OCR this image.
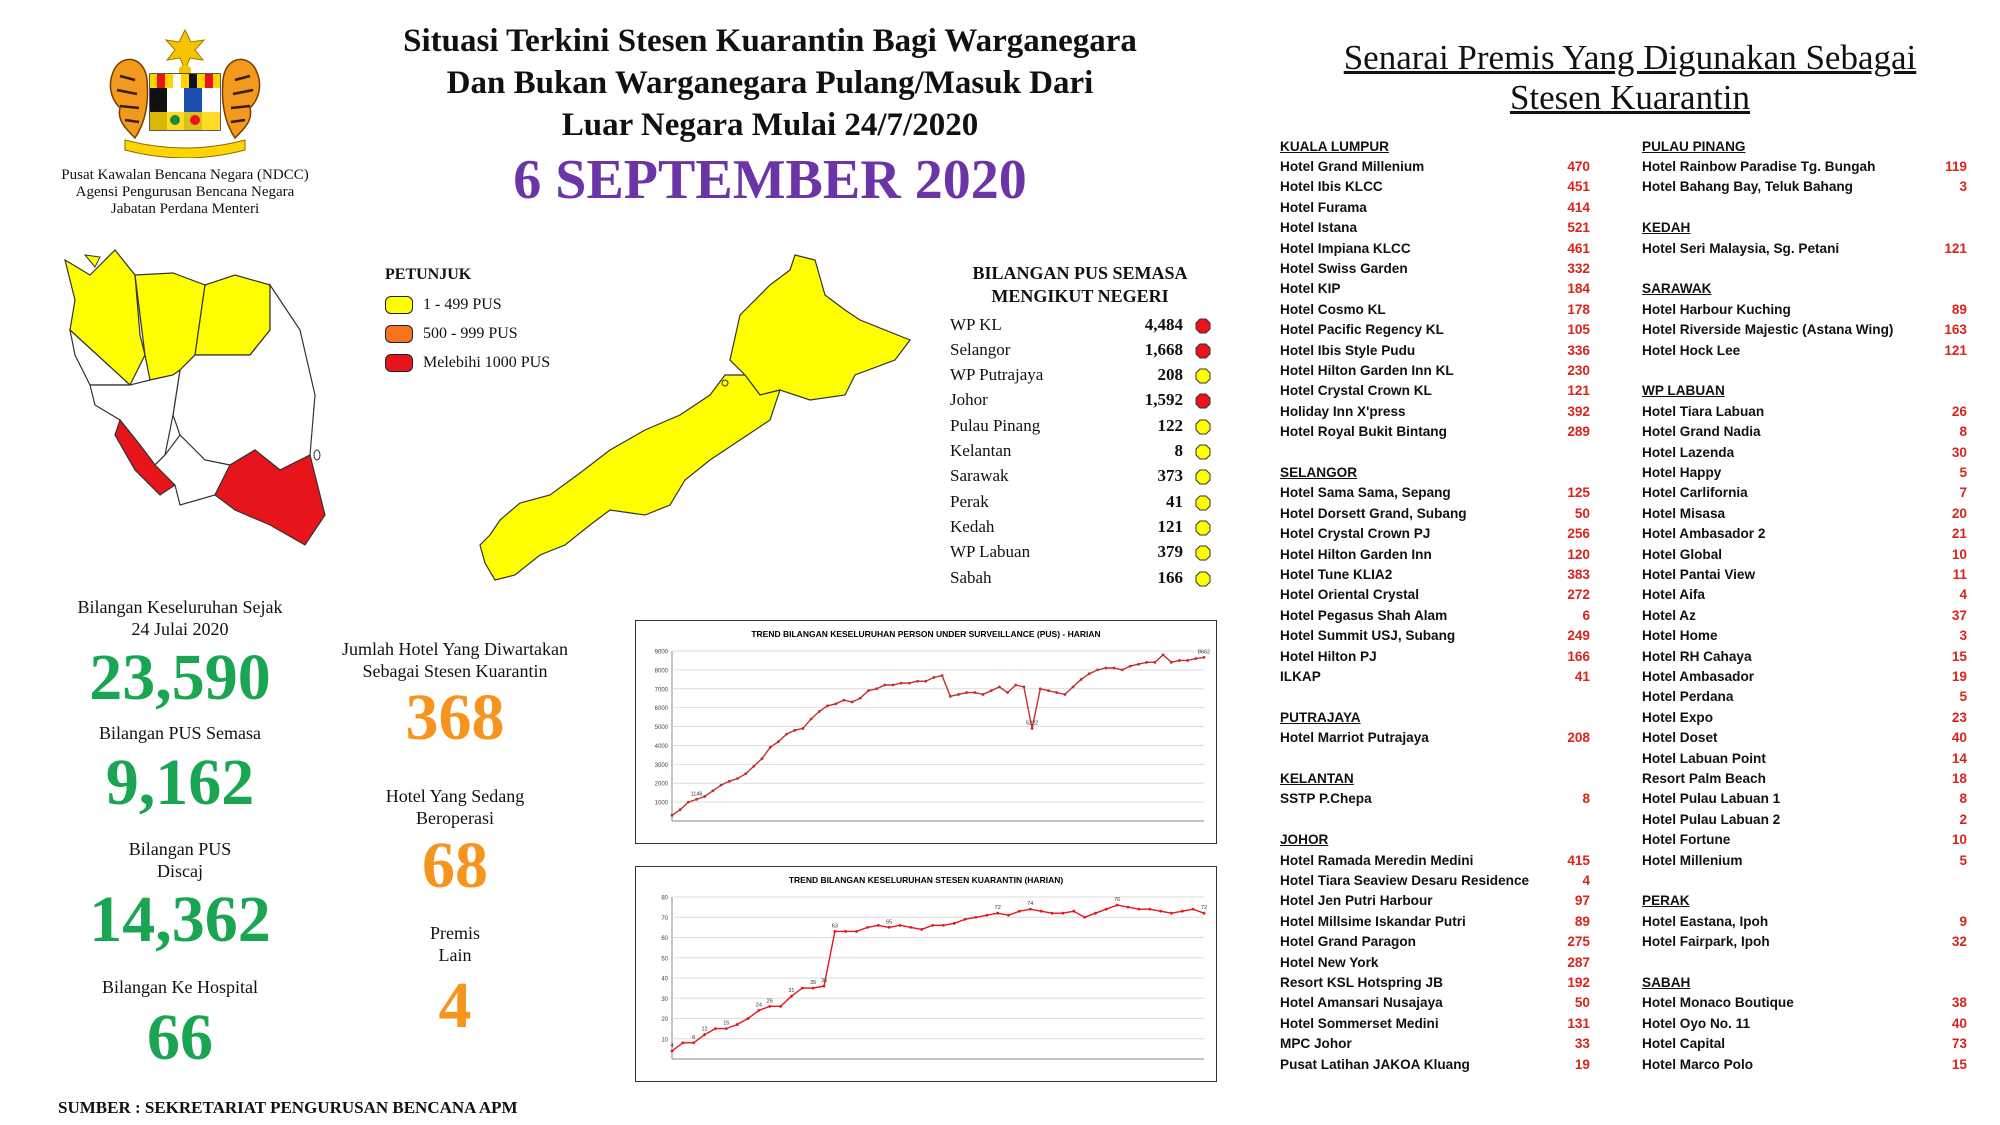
Pusat Kawalan Bencana Negara (NDCC)
Agensi Pengurusan Bencana Negara
Jabatan Perdana Menteri
Situasi Terkini Stesen Kuarantin Bagi Warganegara
Dan Bukan Warganegara Pulang/Masuk Dari
Luar Negara Mulai 24/7/2020
6 SEPTEMBER 2020
PETUNJUK
1 - 499 PUS
500 - 999 PUS
Melebihi 1000 PUS
BILANGAN PUS SEMASA
MENGIKUT NEGERI
WP KL	4,484
Selangor	1,668
WP Putrajaya	208
Johor	1,592
Pulau Pinang	122
Kelantan	8
Sarawak	373
Perak	41
Kedah	121
WP Labuan	379
Sabah	166
Bilangan Keseluruhan Sejak
24 Julai 2020
23,590
Bilangan PUS Semasa
9,162
Bilangan PUS
Discaj
14,362
Bilangan Ke Hospital
66
Jumlah Hotel Yang Diwartakan
Sebagai Stesen Kuarantin
368
Hotel Yang Sedang
Beroperasi
68
Premis
Lain
4
TREND BILANGAN KESELURUHAN PERSON UNDER SURVEILLANCE (PUS) - HARIAN
1000
2000
3000
4000
5000
6000
7000
8000
9000
1146
5222
8662
TREND BILANGAN KESELURUHAN STESEN KUARANTIN (HARIAN)
10
20
30
40
50
60
70
80
4
8
12
15
24
26
31
35 36
63
65
72
74
76
72
Senarai Premis Yang Digunakan Sebagai
Stesen Kuarantin
KUALA LUMPUR
Hotel Grand Millenium	470
Hotel Ibis KLCC	451
Hotel Furama	414
Hotel Istana	521
Hotel Impiana KLCC	461
Hotel Swiss Garden	332
Hotel KIP	184
Hotel Cosmo KL	178
Hotel Pacific Regency KL	105
Hotel Ibis Style Pudu	336
Hotel Hilton Garden Inn KL	230
Hotel Crystal Crown KL	121
Holiday Inn X'press	392
Hotel Royal Bukit Bintang	289
SELANGOR
Hotel Sama Sama, Sepang	125
Hotel Dorsett Grand, Subang	50
Hotel Crystal Crown PJ	256
Hotel Hilton Garden Inn	120
Hotel Tune KLIA2	383
Hotel Oriental Crystal	272
Hotel Pegasus Shah Alam	6
Hotel Summit USJ, Subang	249
Hotel Hilton PJ	166
ILKAP	41
PUTRAJAYA
Hotel Marriot Putrajaya	208
KELANTAN
SSTP P.Chepa	8
JOHOR
Hotel Ramada Meredin Medini	415
Hotel Tiara Seaview Desaru Residence	4
Hotel Jen Putri Harbour	97
Hotel Millsime Iskandar Putri	89
Hotel Grand Paragon	275
Hotel New York	287
Resort KSL Hotspring JB	192
Hotel Amansari Nusajaya	50
Hotel Sommerset Medini	131
MPC Johor	33
Pusat Latihan JAKOA Kluang	19
PULAU PINANG
Hotel Rainbow Paradise Tg. Bungah	119
Hotel Bahang Bay, Teluk Bahang	3
KEDAH
Hotel Seri Malaysia, Sg. Petani	121
SARAWAK
Hotel Harbour Kuching	89
Hotel Riverside Majestic (Astana Wing)	163
Hotel Hock Lee	121
WP LABUAN
Hotel Tiara Labuan	26
Hotel Grand Nadia	8
Hotel Lazenda	30
Hotel Happy	5
Hotel Carlifornia	7
Hotel Misasa	20
Hotel Ambasador 2	21
Hotel Global	10
Hotel Pantai View	11
Hotel Aifa	4
Hotel Az	37
Hotel Home	3
Hotel RH Cahaya	15
Hotel Ambasador	19
Hotel Perdana	5
Hotel Expo	23
Hotel Doset	40
Hotel Labuan Point	14
Resort Palm Beach	18
Hotel Pulau Labuan 1	8
Hotel Pulau Labuan 2	2
Hotel Fortune	10
Hotel Millenium	5
PERAK
Hotel Eastana, Ipoh	9
Hotel Fairpark, Ipoh	32
SABAH
Hotel Monaco Boutique	38
Hotel Oyo No. 11	40
Hotel Capital	73
Hotel Marco Polo	15
SUMBER : SEKRETARIAT PENGURUSAN BENCANA APM
